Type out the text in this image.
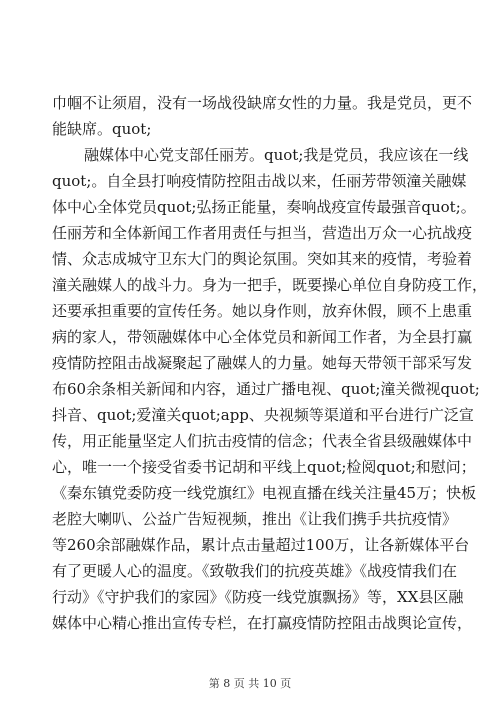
巾帼不让须眉，没有一场战役缺席女性的力量。我是党员，更不
能缺席。quot;
融媒体中心党支部任丽芳。quot;我是党员，我应该在一线
quot;。自全县打响疫情防控阻击战以来，任丽芳带领潼关融媒
体中心全体党员quot;弘扬正能量，奏响战疫宣传最强音quot;。
任丽芳和全体新闻工作者用责任与担当，营造出万众一心抗战疫
情、众志成城守卫东大门的舆论氛围。突如其来的疫情，考验着
潼关融媒人的战斗力。身为一把手，既要操心单位自身防疫工作，
还要承担重要的宣传任务。她以身作则，放弃休假，顾不上患重
病的家人，带领融媒体中心全体党员和新闻工作者，为全县打赢
疫情防控阻击战凝聚起了融媒人的力量。她每天带领干部采写发
布60余条相关新闻和内容，通过广播电视、quot;潼关微视quot;
抖音、quot;爱潼关quot;app、央视频等渠道和平台进行广泛宣
传，用正能量坚定人们抗击疫情的信念；代表全省县级融媒体中
心，唯一一个接受省委书记胡和平线上quot;检阅quot;和慰问；
《秦东镇党委防疫一线党旗红》电视直播在线关注量45万；快板
老腔大喇叭、公益广告短视频，推出《让我们携手共抗疫情》
等260余部融媒作品，累计点击量超过100万，让各新媒体平台
有了更暖人心的温度。《致敬我们的抗疫英雄》《战疫情我们在
行动》《守护我们的家园》《防疫一线党旗飘扬》等，XX县区融
媒体中心精心推出宣传专栏，在打赢疫情防控阻击战舆论宣传，
第 8 页 共 10 页
